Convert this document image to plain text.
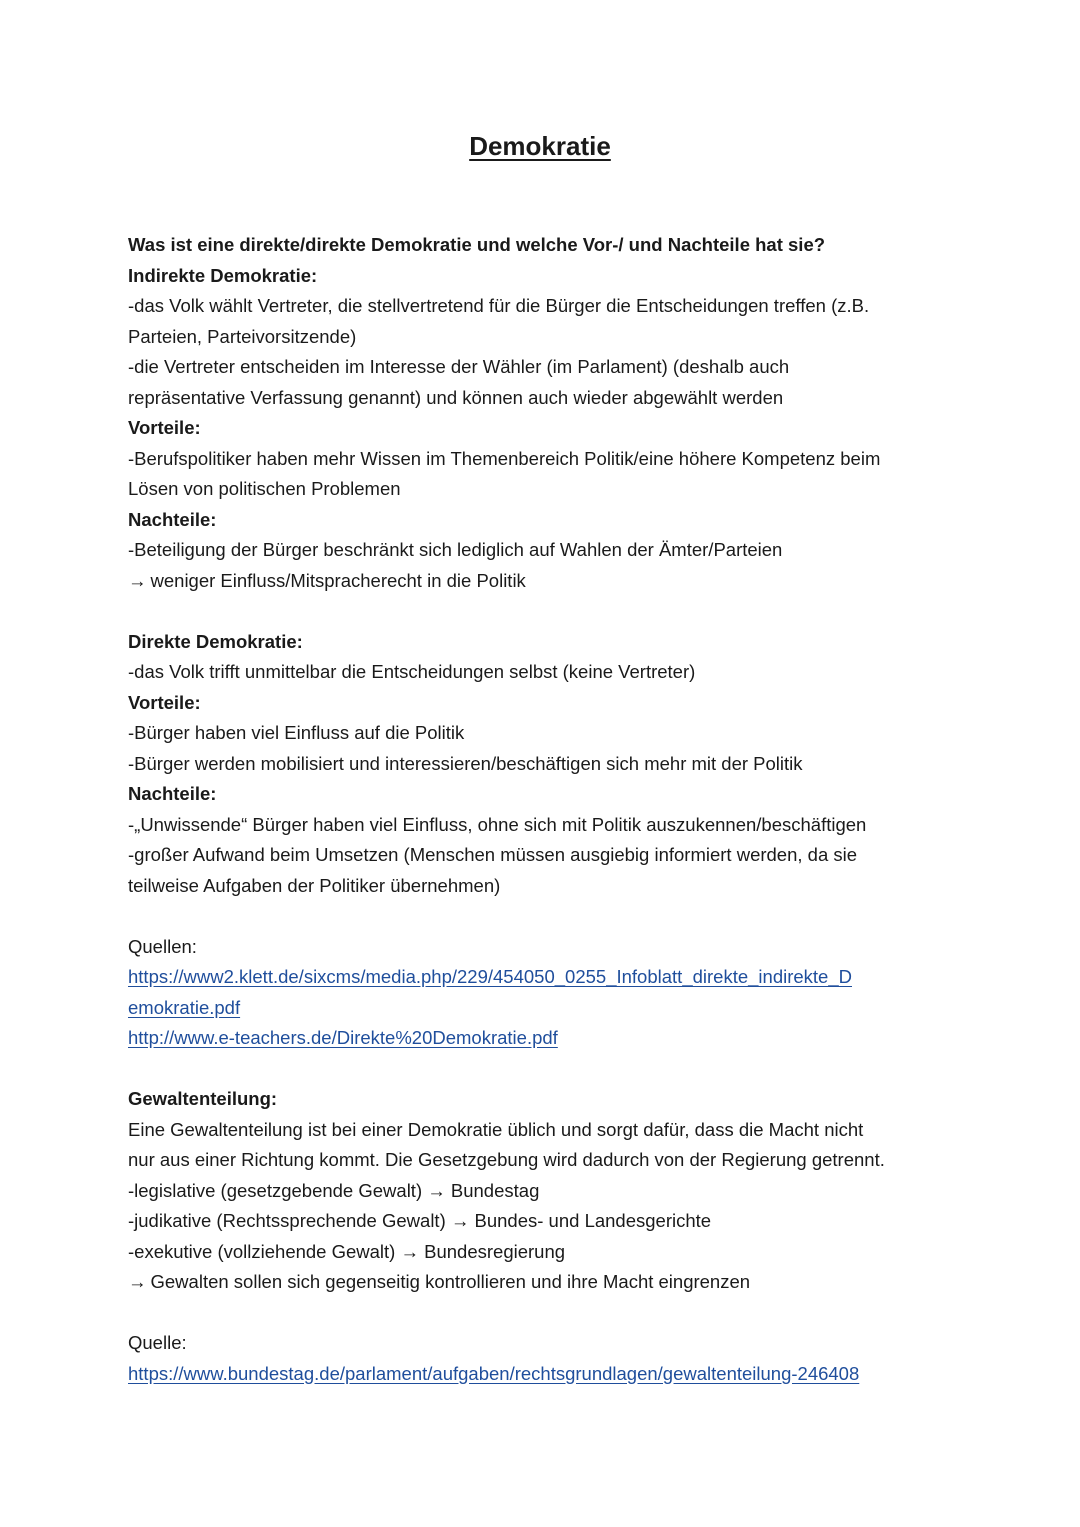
Demokratie
Was ist eine direkte/direkte Demokratie und welche Vor-/ und Nachteile hat sie?
Indirekte Demokratie:
-das Volk wählt Vertreter, die stellvertretend für die Bürger die Entscheidungen treffen (z.B.
Parteien, Parteivorsitzende)
-die Vertreter entscheiden im Interesse der Wähler (im Parlament) (deshalb auch
repräsentative Verfassung genannt) und können auch wieder abgewählt werden
Vorteile:
-Berufspolitiker haben mehr Wissen im Themenbereich Politik/eine höhere Kompetenz beim
Lösen von politischen Problemen
Nachteile:
-Beteiligung der Bürger beschränkt sich lediglich auf Wahlen der Ämter/Parteien
→ weniger Einfluss/Mitspracherecht in die Politik
Direkte Demokratie:
-das Volk trifft unmittelbar die Entscheidungen selbst (keine Vertreter)
Vorteile:
-Bürger haben viel Einfluss auf die Politik
-Bürger werden mobilisiert und interessieren/beschäftigen sich mehr mit der Politik
Nachteile:
-„Unwissende“ Bürger haben viel Einfluss, ohne sich mit Politik auszukennen/beschäftigen
-großer Aufwand beim Umsetzen (Menschen müssen ausgiebig informiert werden, da sie
teilweise Aufgaben der Politiker übernehmen)
Quellen:
https://www2.klett.de/sixcms/media.php/229/454050_0255_Infoblatt_direkte_indirekte_D
emokratie.pdf
http://www.e-teachers.de/Direkte%20Demokratie.pdf
Gewaltenteilung:
Eine Gewaltenteilung ist bei einer Demokratie üblich und sorgt dafür, dass die Macht nicht
nur aus einer Richtung kommt. Die Gesetzgebung wird dadurch von der Regierung getrennt.
-legislative (gesetzgebende Gewalt) → Bundestag
-judikative (Rechtssprechende Gewalt) → Bundes- und Landesgerichte
-exekutive (vollziehende Gewalt) → Bundesregierung
→ Gewalten sollen sich gegenseitig kontrollieren und ihre Macht eingrenzen
Quelle:
https://www.bundestag.de/parlament/aufgaben/rechtsgrundlagen/gewaltenteilung-246408
